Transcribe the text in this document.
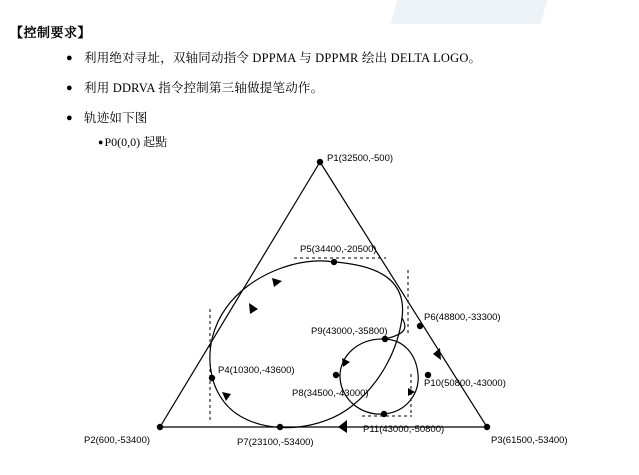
【控制要求】
● 利用绝对寻址，双轴同动指令 DPPMA 与 DPPMR 绘出 DELTA LOGO。
● 利用 DDRVA 指令控制第三轴做提笔动作。
● 轨迹如下图
●P0(0,0) 起點
P1(32500,-500)
P5(34400,-20500)
P6(48800,-33300)
P9(43000,-35800)
P4(10300,-43600)
P10(50800,-43000)
P8(34500,-43000)
P11(43000,-50800)
P2(600,-53400)	P7(23100,-53400)	P3(61500,-53400)
